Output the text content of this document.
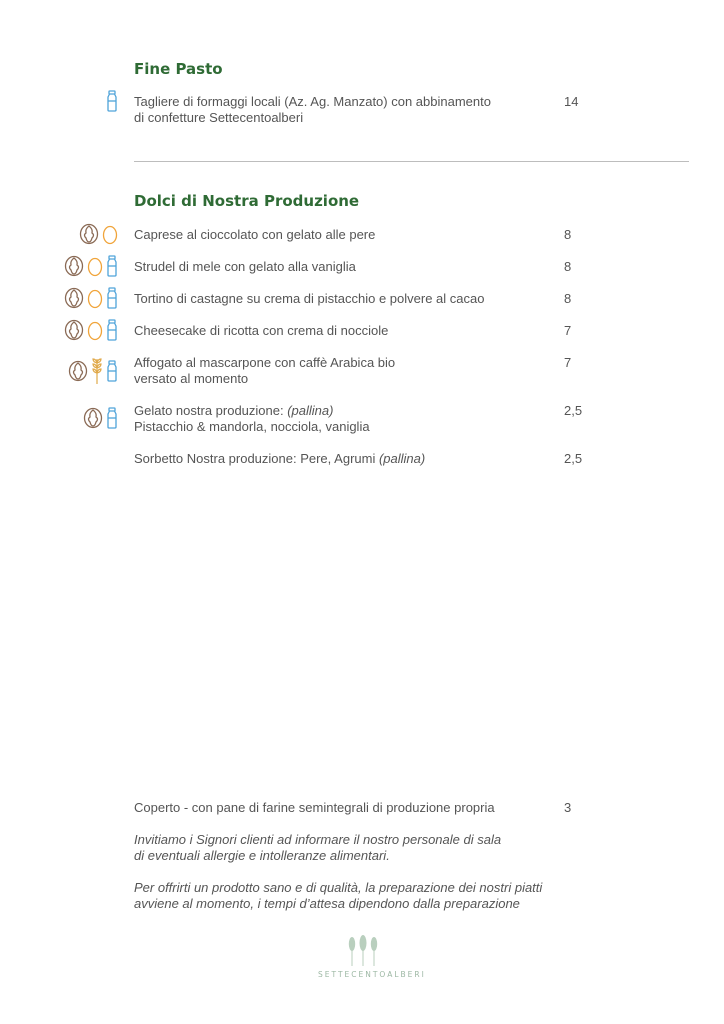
Fine Pasto
Tagliere di formaggi locali (Az. Ag. Manzato) con abbinamento
di confetture Settecentoalberi
14
Dolci di Nostra Produzione
Caprese al cioccolato con gelato alle pere	8
Strudel di mele con gelato alla vaniglia	8
Tortino di castagne su crema di pistacchio e polvere al cacao	8
Cheesecake di ricotta con crema di nocciole	7
Affogato al mascarpone con caffè Arabica bio
versato al momento
7
Gelato nostra produzione: (pallina)
Pistacchio & mandorla, nocciola, vaniglia
2,5
Sorbetto Nostra produzione: Pere, Agrumi (pallina)	2,5
Coperto - con pane di farine semintegrali di produzione propria	3
Invitiamo i Signori clienti ad informare il nostro personale di sala
di eventuali allergie e intolleranze alimentari.
Per offrirti un prodotto sano e di qualità, la preparazione dei nostri piatti
avviene al momento, i tempi d’attesa dipendono dalla preparazione
SETTECENTOALBERI
